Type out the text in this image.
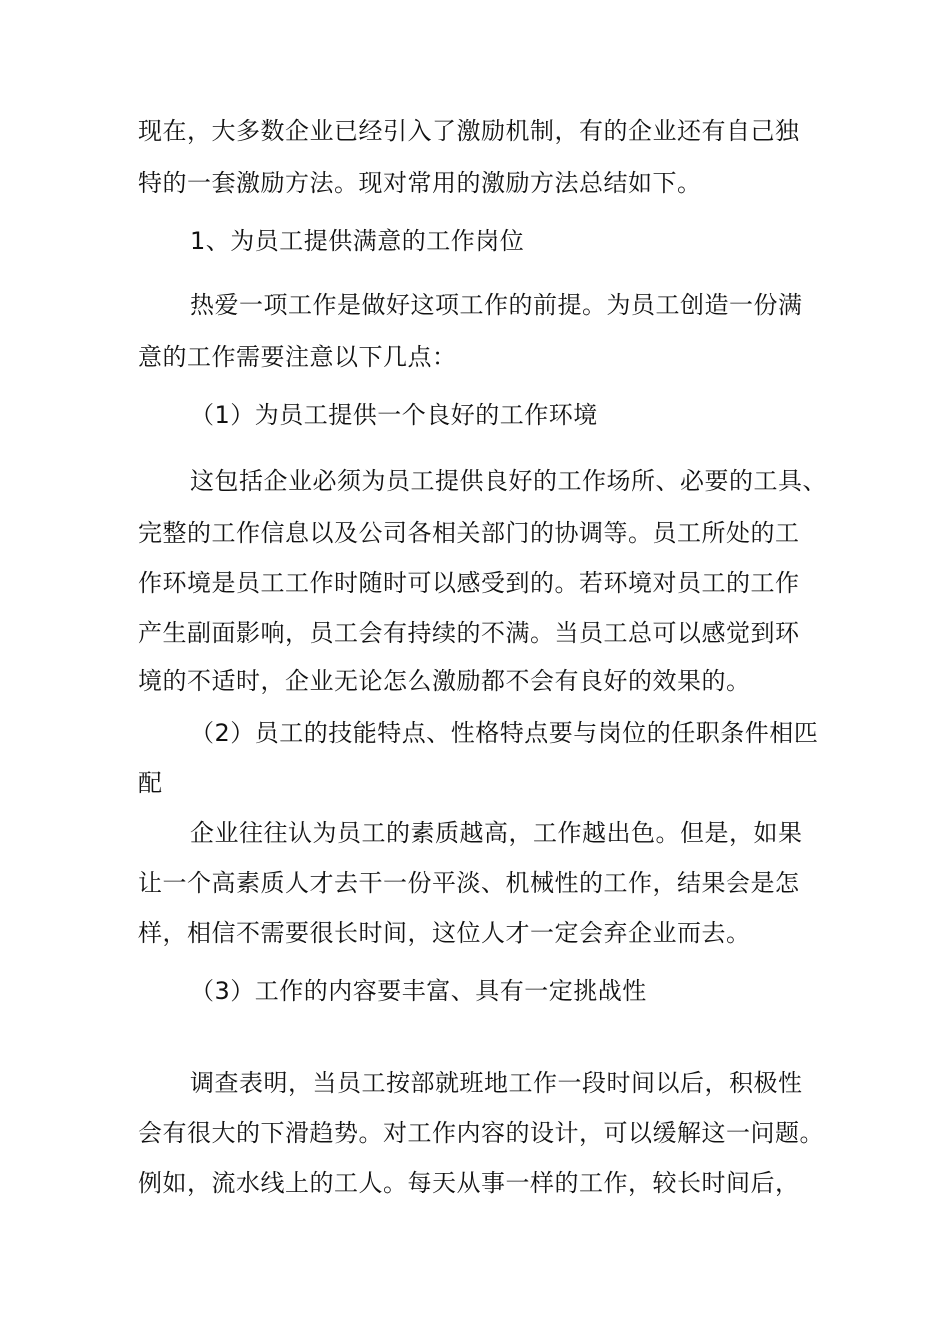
现在，大多数企业已经引入了激励机制，有的企业还有自己独
特的一套激励方法。现对常用的激励方法总结如下。
1、为员工提供满意的工作岗位
热爱一项工作是做好这项工作的前提。为员工创造一份满
意的工作需要注意以下几点：
（1）为员工提供一个良好的工作环境
这包括企业必须为员工提供良好的工作场所、必要的工具、
完整的工作信息以及公司各相关部门的协调等。员工所处的工
作环境是员工工作时随时可以感受到的。若环境对员工的工作
产生副面影响，员工会有持续的不满。当员工总可以感觉到环
境的不适时，企业无论怎么激励都不会有良好的效果的。
（2）员工的技能特点、性格特点要与岗位的任职条件相匹
配
企业往往认为员工的素质越高，工作越出色。但是，如果
让一个高素质人才去干一份平淡、机械性的工作，结果会是怎
样，相信不需要很长时间，这位人才一定会弃企业而去。
（3）工作的内容要丰富、具有一定挑战性
调查表明，当员工按部就班地工作一段时间以后，积极性
会有很大的下滑趋势。对工作内容的设计，可以缓解这一问题。
例如，流水线上的工人。每天从事一样的工作，较长时间后，
